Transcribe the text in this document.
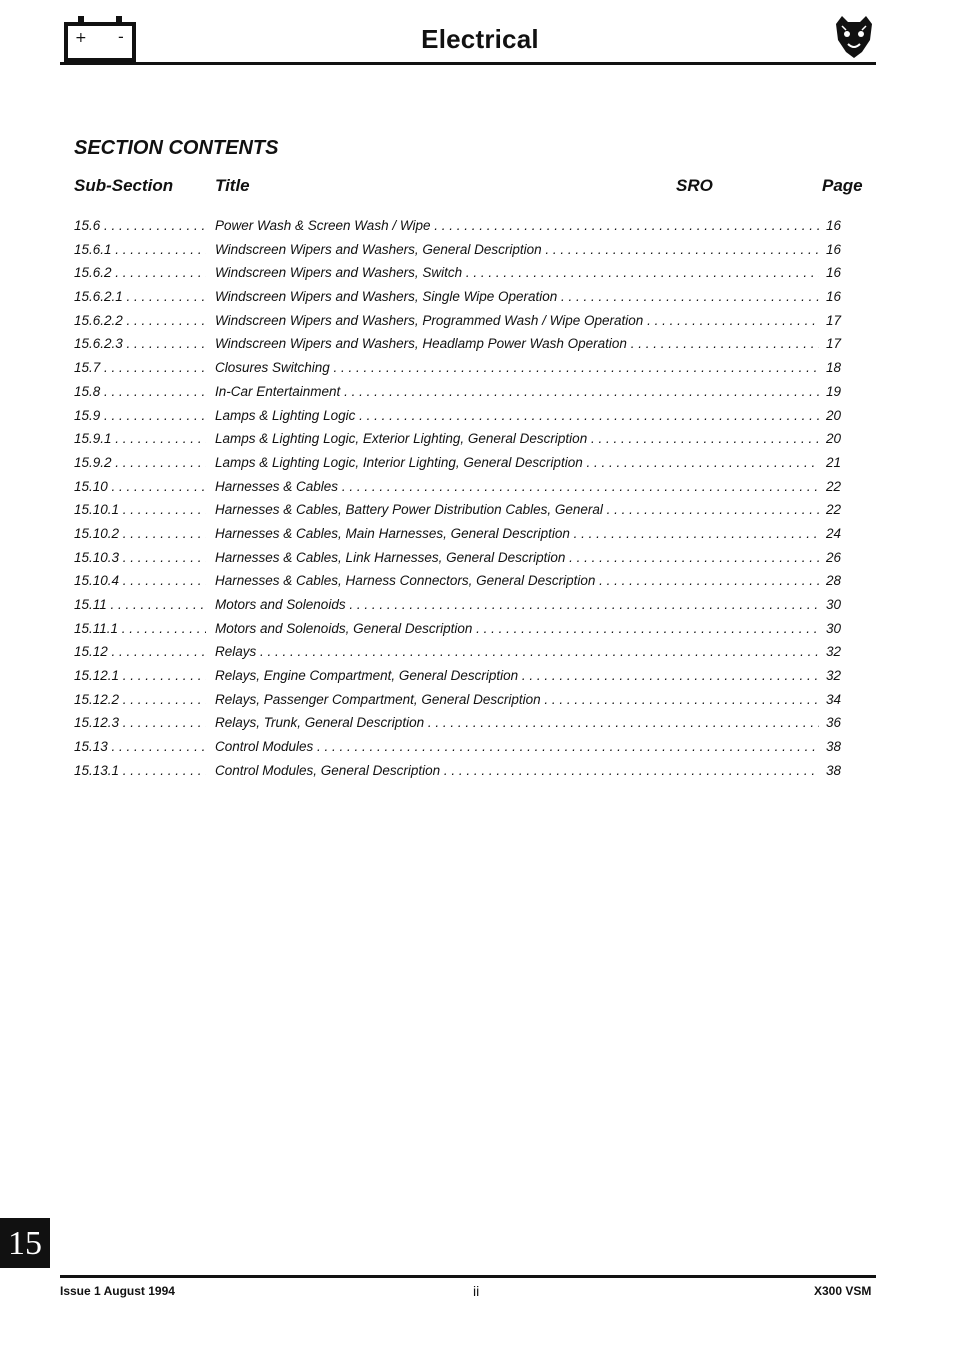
+ -	Electrical
SECTION CONTENTS
Sub-Section Title	SRO	Page
15.6 . . .	Power Wash & Screen Wash / Wipe . . .	16
15.6.1 . . .	Windscreen Wipers and Washers, General Description . . .	16
15.6.2 . . .	Windscreen Wipers and Washers, Switch . . .	16
15.6.2.1 . . .	Windscreen Wipers and Washers, Single Wipe Operation . . .	16
15.6.2.2 . . .	Windscreen Wipers and Washers, Programmed Wash / Wipe Operation . . .	17
15.6.2.3 . . .	Windscreen Wipers and Washers, Headlamp Power Wash Operation . . .	17
15.7 . . .	Closures Switching . . .	18
15.8 . . .	In-Car Entertainment . . .	19
15.9 . . .	Lamps & Lighting Logic . . .	20
15.9.1 . . .	Lamps & Lighting Logic, Exterior Lighting, General Description . . .	20
15.9.2 . . .	Lamps & Lighting Logic, Interior Lighting, General Description . . .	21
15.10 . . .	Harnesses & Cables . . .	22
15.10.1 . . .	Harnesses & Cables, Battery Power Distribution Cables, General . . .	22
15.10.2 . . .	Harnesses & Cables, Main Harnesses, General Description . . .	24
15.10.3 . . .	Harnesses & Cables, Link Harnesses, General Description . . .	26
15.10.4 . . .	Harnesses & Cables, Harness Connectors, General Description . . .	28
15.11 . . .	Motors and Solenoids . . .	30
15.11.1 . . .	Motors and Solenoids, General Description . . .	30
15.12 . . .	Relays . . .	32
15.12.1 . . .	Relays, Engine Compartment, General Description . . .	32
15.12.2 . . .	Relays, Passenger Compartment, General Description . . .	34
15.12.3 . . .	Relays, Trunk, General Description . . .	36
15.13 . . .	Control Modules . . .	38
15.13.1 . . .	Control Modules, General Description . . .	38
15
Issue 1 August 1994	ii	X300 VSM
